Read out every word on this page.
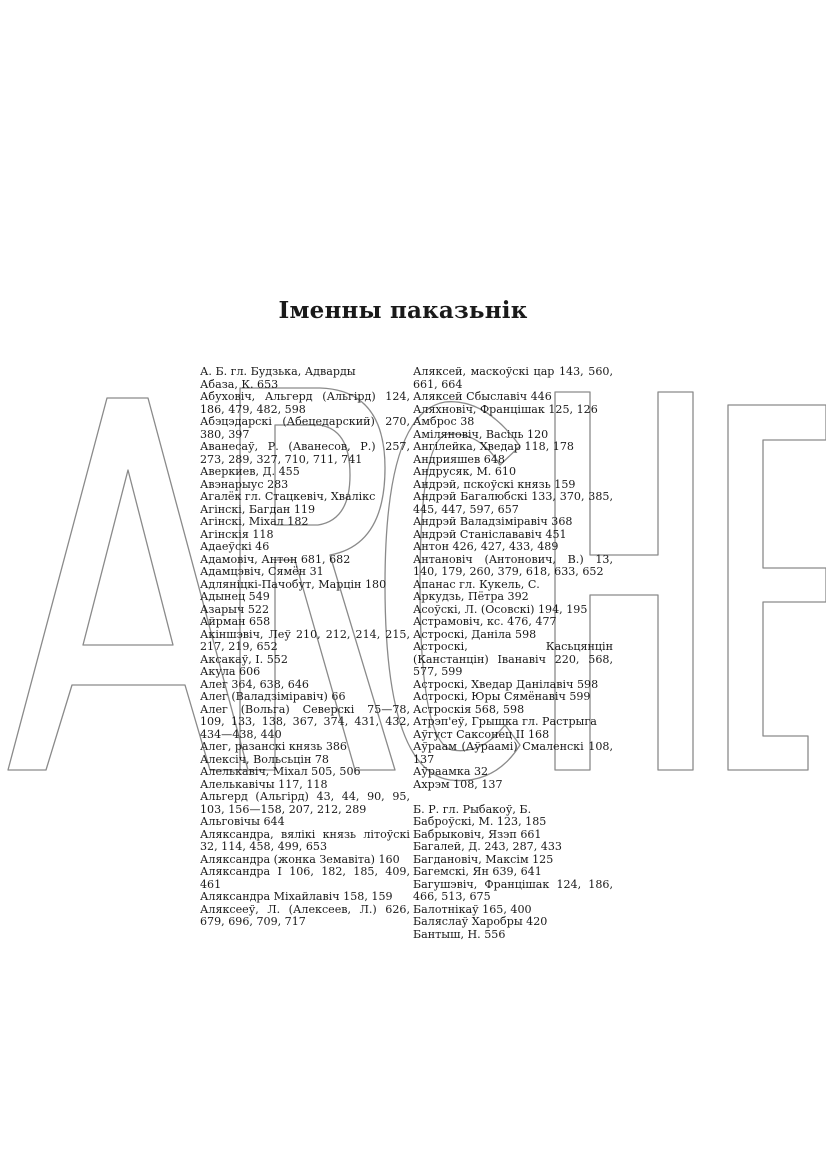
Іменны паказьнік

А. Б. гл. Будзька, Адварды

Абаза, К. 653

Абуховіч, Альгерд (Альгірд) 124, 186, 479, 482, 598

Абэцэдарскі (Абецедарский) 270, 380, 397

Аванесаў, Р. (Аванесов, Р.) 257, 273, 289, 327, 710, 711, 741

Аверкиев, Д. 455

Авэнарыус 283

Агалёк гл. Стацкевіч, Хвалікс

Агінскі, Багдан 119

Агінскі, Міхал 182

Агінскія 118

Адаеўскі 46

Адамовіч, Антон 681, 682

Адамцэвіч, Сямён 31

Адляніцкі-Пачобут, Марцін 180

Адынец 549

Азарыч 522

Айрман 658

Акіншэвіч, Леў 210, 212, 214, 215, 217, 219, 652

Аксакаў, І. 552

Акула 606

Алег 364, 638, 646

Алег (Валадзіміравіч) 66

Алег (Вольга) Северскі 75—78, 109, 133, 138, 367, 374, 431, 432, 434—438, 440

Алег, разанскі князь 386

Алексіч, Вольсьцін 78

Алелькавіч, Міхал 505, 506

Алелькавічы 117, 118

Альгерд (Альгірд) 43, 44, 90, 95, 103, 156—158, 207, 212, 289

Альговічы 644

Аляксандра, вялікі князь літоўскі 32, 114, 458, 499, 653

Аляксандра (жонка Земавіта) 160

Аляксандра I 106, 182, 185, 409, 461

Аляксандра Міхайлавіч 158, 159

Аляксееў, Л. (Алексеев, Л.) 626, 679, 696, 709, 717

Аляксей, маскоўскі цар 143, 560, 661, 664

Аляксей Сбыславіч 446

Аляхновіч, Францішак 125, 126

Амброс 38

Аміляновіч, Васіль 120

Ангілейка, Хведар 118, 178

Андрияшев 648

Андрусяк, М. 610

Андрэй, пскоўскі князь 159

Андрэй Багалюбскі 133, 370, 385, 445, 447, 597, 657

Андрэй Валадзіміравіч 368

Андрэй Станіслававіч 451

Антон 426, 427, 433, 489

Антановіч (Антонович, В.) 13, 140, 179, 260, 379, 618, 633, 652

Апанас гл. Кукель, С.

Аркудзь, Пётра 392

Асоўскі, Л. (Осовскі) 194, 195

Астрамовіч, кс. 476, 477

Астроскі, Даніла 598

Астроскі, Касьцянцін (Канстанцін) Іванавіч 220, 568, 577, 599

Астроскі, Хведар Данілавіч 598

Астроскі, Юры Сямёнавіч 599

Астроскія 568, 598

Атрэп'еў, Грышка гл. Растрыга

Аўгуст Саксонец II 168

Аўраам (Аўраамі) Смаленскі 108, 137

Аўраамка 32

Ахрэм 108, 137

Б. Р. гл. Рыбакоў, Б.

Баброўскі, М. 123, 185

Бабрыковіч, Язэп 661

Багалей, Д. 243, 287, 433

Багдановіч, Максім 125

Багемскі, Ян 639, 641

Багушэвіч, Францішак 124, 186, 466, 513, 675

Балотнікаў 165, 400

Баляслаў Харобры 420

Бантыш, Н. 556
